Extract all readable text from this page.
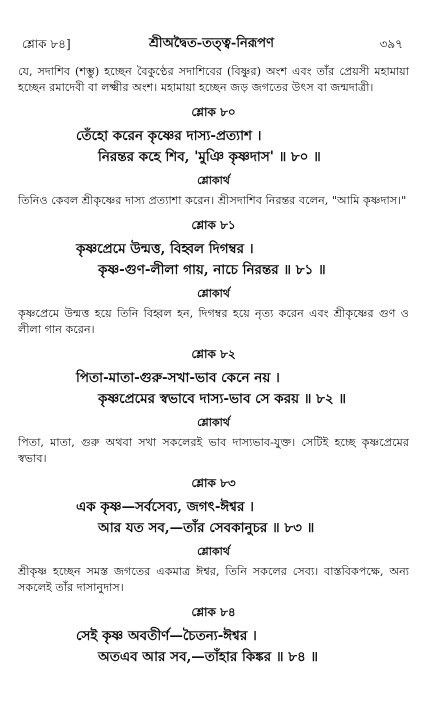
শ্লোক ৮৪]	শ্রীঅদ্বৈত-তত্ত্ব-নিরূপণ	৩৯৭

যে, সদাশিব (শম্ভু) হচ্ছেন বৈকুণ্ঠের সদাশিবের (বিষ্ণুর) অংশ এবং তাঁর প্রেয়সী মহামায়া হচ্ছেন রমাদেবী বা লক্ষ্মীর অংশ। মহামায়া হচ্ছেন জড় জগতের উৎস বা জন্মদাত্রী।

শ্লোক ৮০
তেঁহো করেন কৃষ্ণের দাস্য-প্রত্যাশ ।
নিরন্তর কহে শিব, 'মুঞি কৃষ্ণদাস' ॥ ৮০ ॥
শ্লোকার্থ

তিনিও কেবল শ্রীকৃষ্ণের দাস্য প্রত্যাশা করেন। শ্রীসদাশিব নিরন্তর বলেন, "আমি কৃষ্ণদাস।"

শ্লোক ৮১
কৃষ্ণপ্রেমে উন্মত্ত, বিহ্বল দিগম্বর ।
কৃষ্ণ-গুণ-লীলা গায়, নাচে নিরন্তর ॥ ৮১ ॥
শ্লোকার্থ

কৃষ্ণপ্রেমে উন্মত্ত হয়ে তিনি বিহ্বল হন, দিগম্বর হয়ে নৃত্য করেন এবং শ্রীকৃষ্ণের গুণ ও লীলা গান করেন।

শ্লোক ৮২
পিতা-মাতা-গুরু-সখা-ভাব কেনে নয় ।
কৃষ্ণপ্রেমের স্বভাবে দাস্য-ভাব সে করয় ॥ ৮২ ॥
শ্লোকার্থ

পিতা, মাতা, গুরু অথবা সখা সকলেরই ভাব দাস্যভাব-যুক্ত। সেটিই হচ্ছে কৃষ্ণপ্রেমের স্বভাব।

শ্লোক ৮৩
এক কৃষ্ণ—সর্বসেব্য, জগৎ-ঈশ্বর ।
আর যত সব,—তাঁর সেবকানুচর ॥ ৮৩ ॥
শ্লোকার্থ

শ্রীকৃষ্ণ হচ্ছেন সমস্ত জগতের একমাত্র ঈশ্বর, তিনি সকলের সেব্য। বাস্তবিকপক্ষে, অন্য সকলেই তাঁর দাসানুদাস।

শ্লোক ৮৪
সেই কৃষ্ণ অবতীর্ণ—চৈতন্য-ঈশ্বর ।
অতএব আর সব,—তাঁহার কিঙ্কর ॥ ৮৪ ॥
